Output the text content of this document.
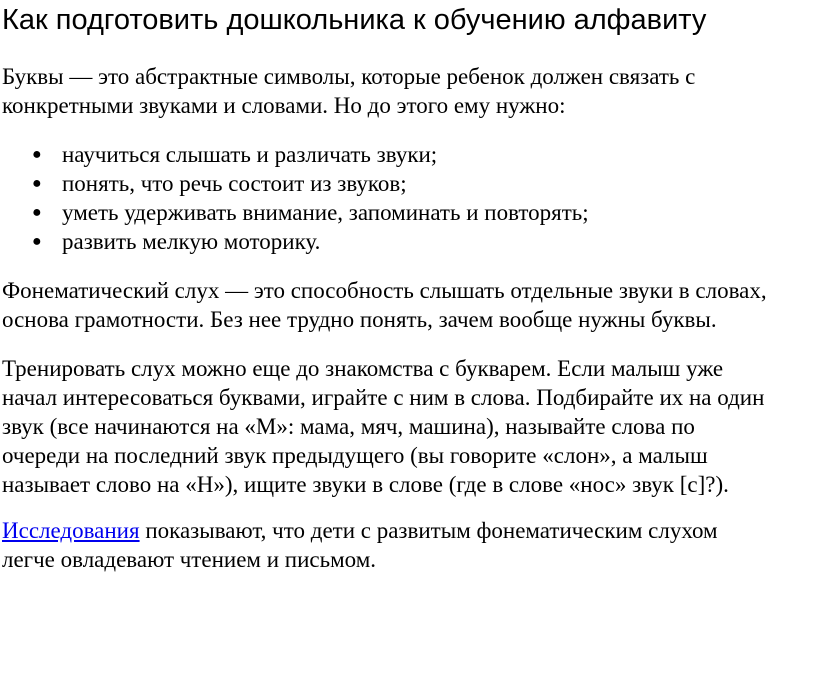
Как подготовить дошкольника к обучению алфавиту

Буквы — это абстрактные символы, которые ребенок должен связать с
конкретными звуками и словами. Но до этого ему нужно:

● научиться слышать и различать звуки;
● понять, что речь состоит из звуков;
● уметь удерживать внимание, запоминать и повторять;
● развить мелкую моторику.

Фонематический слух — это способность слышать отдельные звуки в словах,
основа грамотности. Без нее трудно понять, зачем вообще нужны буквы.

Тренировать слух можно еще до знакомства с букварем. Если малыш уже
начал интересоваться буквами, играйте с ним в слова. Подбирайте их на один
звук (все начинаются на «М»: мама, мяч, машина), называйте слова по
очереди на последний звук предыдущего (вы говорите «слон», а малыш
называет слово на «Н»), ищите звуки в слове (где в слове «нос» звук [с]?).

Исследования показывают, что дети с развитым фонематическим слухом
легче овладевают чтением и письмом.
